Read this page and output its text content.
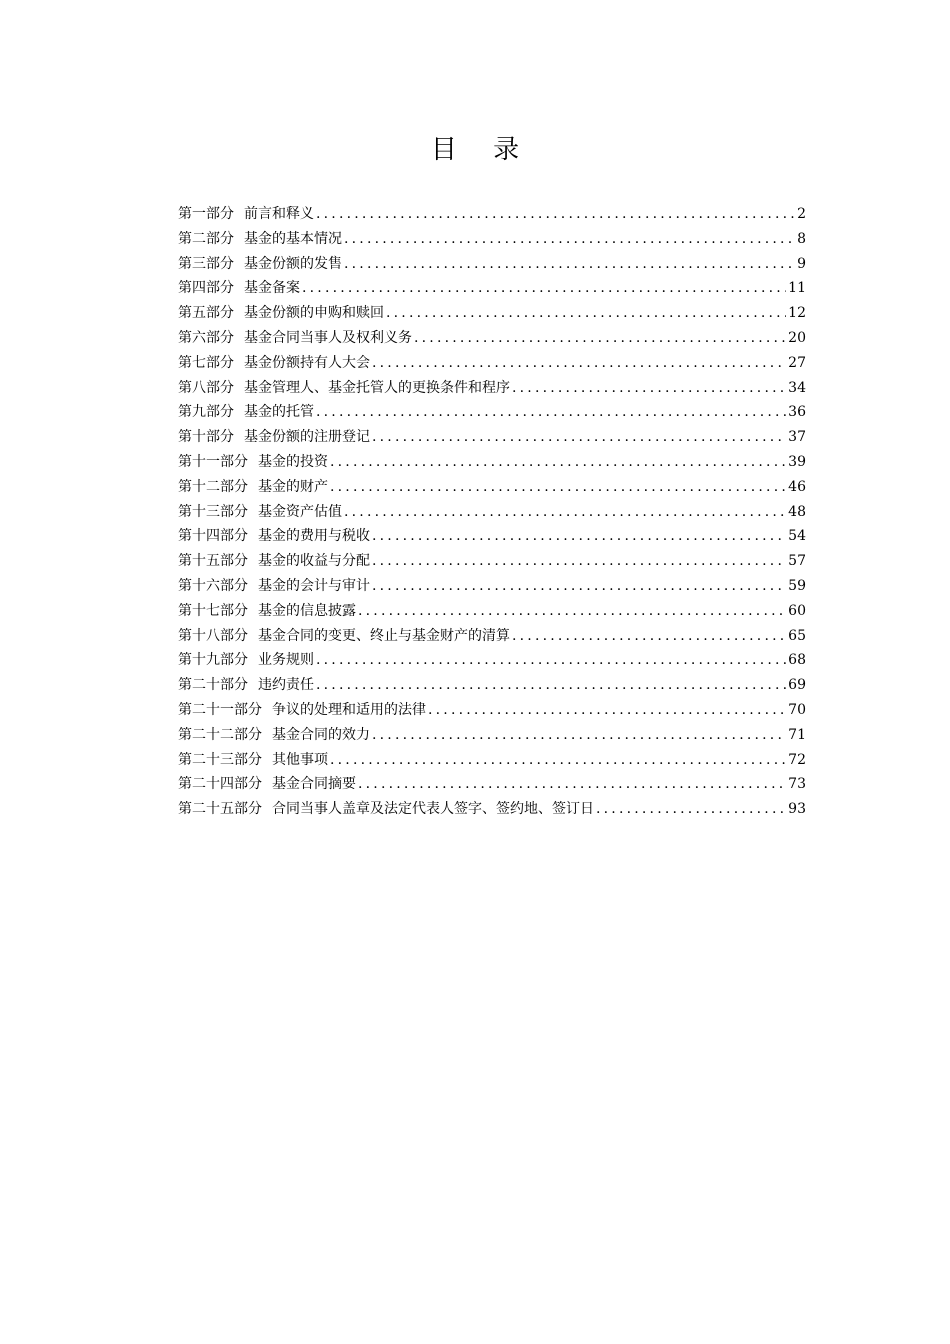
目 录
第一部分 前言和释义 .....	2
第二部分 基金的基本情况 .....	8
第三部分 基金份额的发售 .....	9
第四部分 基金备案 .....	11
第五部分 基金份额的申购和赎回 .....	12
第六部分 基金合同当事人及权利义务 .....	20
第七部分 基金份额持有人大会 .....	27
第八部分 基金管理人、基金托管人的更换条件和程序 .....	34
第九部分 基金的托管 .....	36
第十部分 基金份额的注册登记 .....	37
第十一部分 基金的投资 .....	39
第十二部分 基金的财产 .....	46
第十三部分 基金资产估值 .....	48
第十四部分 基金的费用与税收 .....	54
第十五部分 基金的收益与分配 .....	57
第十六部分 基金的会计与审计 .....	59
第十七部分 基金的信息披露 .....	60
第十八部分 基金合同的变更、终止与基金财产的清算 .....	65
第十九部分 业务规则 .....	68
第二十部分 违约责任 .....	69
第二十一部分 争议的处理和适用的法律 .....	70
第二十二部分 基金合同的效力 .....	71
第二十三部分 其他事项 .....	72
第二十四部分 基金合同摘要 .....	73
第二十五部分 合同当事人盖章及法定代表人签字、签约地、签订日 .....	93
